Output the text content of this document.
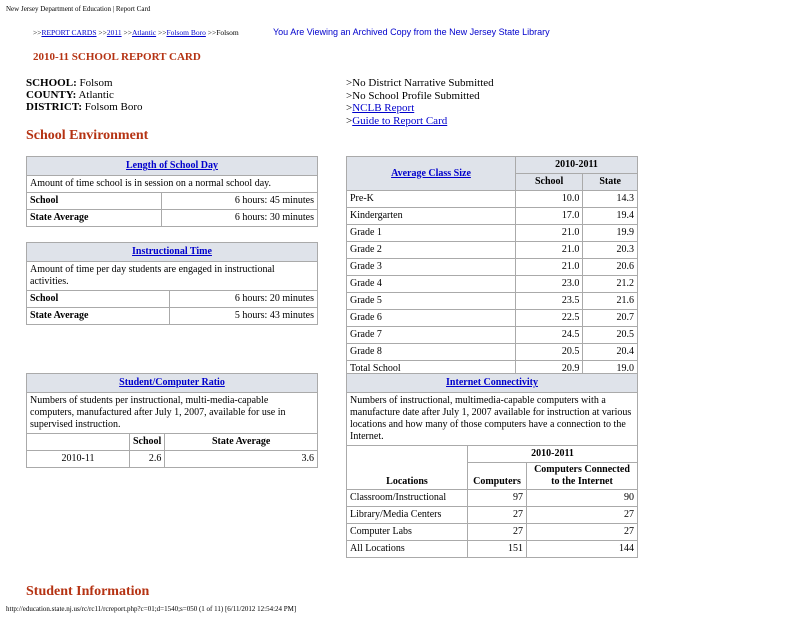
New Jersey Department of Education | Report Card
>>REPORT CARDS >>2011 >>Atlantic >>Folsom Boro >>Folsom	You Are Viewing an Archived Copy from the New Jersey State Library
2010-11 SCHOOL REPORT CARD
SCHOOL: Folsom
COUNTY: Atlantic
DISTRICT: Folsom Boro
>No District Narrative Submitted
>No School Profile Submitted
>NCLB Report
>Guide to Report Card
School Environment
Length of School Day	
Amount of time school is in session on a normal school day.	
School	6 hours: 45 minutes
State Average	6 hours: 30 minutes
Instructional Time	
Amount of time per day students are engaged in instructional activities.	
School	6 hours: 20 minutes
State Average	5 hours: 43 minutes
Average Class Size	2010-2011	
	School	State
Pre-K	10.0	14.3
Kindergarten	17.0	19.4
Grade 1	21.0	19.9
Grade 2	21.0	20.3
Grade 3	21.0	20.6
Grade 4	23.0	21.2
Grade 5	23.5	21.6
Grade 6	22.5	20.7
Grade 7	24.5	20.5
Grade 8	20.5	20.4
Total School	20.9	19.0
Student/Computer Ratio		
Numbers of students per instructional, multi-media-capable computers, manufactured after July 1, 2007, available for use in supervised instruction.		
	School	State Average
2010-11	2.6	3.6
Internet Connectivity		
Numbers of instructional, multimedia-capable computers with a manufacture date after July 1, 2007 available for instruction at various locations and how many of those computers have a connection to the Internet.		
Locations	2010-2011	
	Computers	Computers Connected to the Internet
Classroom/Instructional	97	90
Library/Media Centers	27	27
Computer Labs	27	27
All Locations	151	144
Student Information
http://education.state.nj.us/rc/rc11/rcreport.php?c=01;d=1540;s=050 (1 of 11) [6/11/2012 12:54:24 PM]
